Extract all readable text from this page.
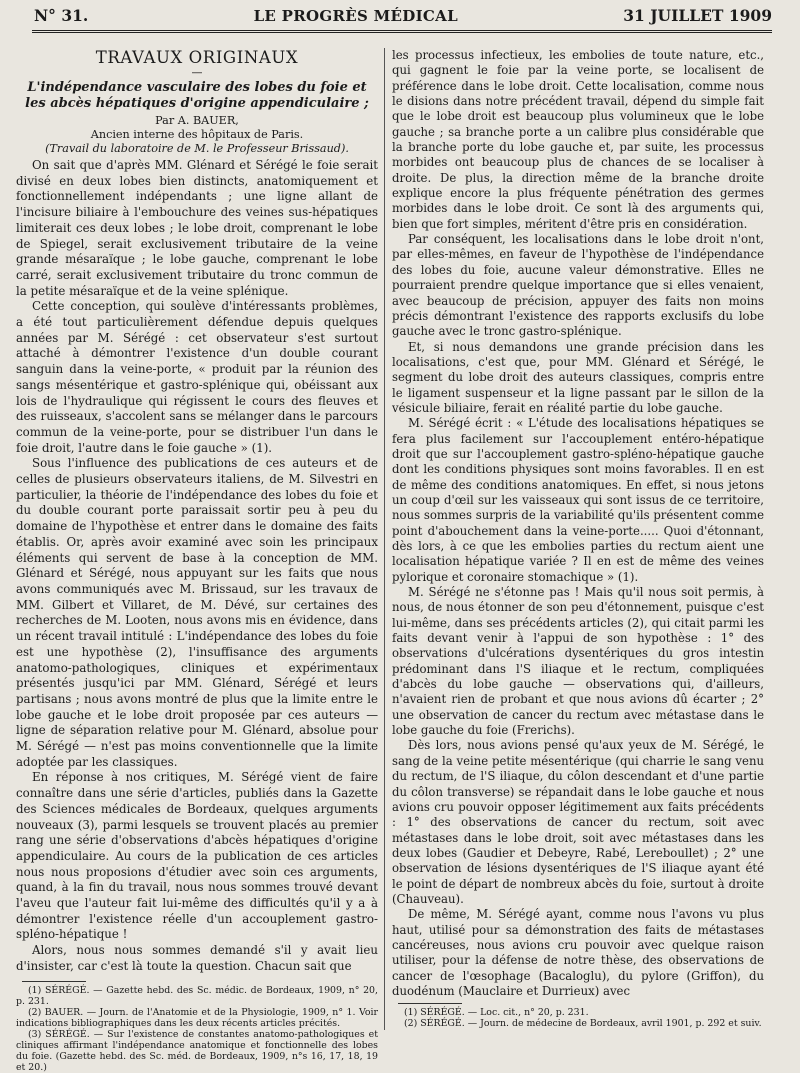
N° 31.	LE PROGRÈS MÉDICAL	31 JUILLET 1909
TRAVAUX ORIGINAUX

—

L'indépendance vasculaire des lobes du foie et les abcès hépatiques d'origine appendiculaire ;

Par A. BAUER,

Ancien interne des hôpitaux de Paris.

(Travail du laboratoire de M. le Professeur Brissaud).

On sait que d'après MM. Glénard et Sérégé le foie serait divisé en deux lobes bien distincts, anatomiquement et fonctionnellement indépendants ; une ligne allant de l'incisure biliaire à l'embouchure des veines sus-hépatiques limiterait ces deux lobes ; le lobe droit, comprenant le lobe de Spiegel, serait exclusivement tributaire de la veine grande mésaraïque ; le lobe gauche, comprenant le lobe carré, serait exclusivement tributaire du tronc commun de la petite mésaraïque et de la veine splénique.

Cette conception, qui soulève d'intéressants problèmes, a été tout particulièrement défendue depuis quelques années par M. Sérégé : cet observateur s'est surtout attaché à démontrer l'existence d'un double courant sanguin dans la veine-porte, « produit par la réunion des sangs mésentérique et gastro-splénique qui, obéissant aux lois de l'hydraulique qui régissent le cours des fleuves et des ruisseaux, s'accolent sans se mélanger dans le parcours commun de la veine-porte, pour se distribuer l'un dans le foie droit, l'autre dans le foie gauche » (1).

Sous l'influence des publications de ces auteurs et de celles de plusieurs observateurs italiens, de M. Silvestri en particulier, la théorie de l'indépendance des lobes du foie et du double courant porte paraissait sortir peu à peu du domaine de l'hypothèse et entrer dans le domaine des faits établis. Or, après avoir examiné avec soin les principaux éléments qui servent de base à la conception de MM. Glénard et Sérégé, nous appuyant sur les faits que nous avons communiqués avec M. Brissaud, sur les travaux de MM. Gilbert et Villaret, de M. Dévé, sur certaines des recherches de M. Looten, nous avons mis en évidence, dans un récent travail intitulé : L'indépendance des lobes du foie est une hypothèse (2), l'insuffisance des arguments anatomo-pathologiques, cliniques et expérimentaux présentés jusqu'ici par MM. Glénard, Sérégé et leurs partisans ; nous avons montré de plus que la limite entre le lobe gauche et le lobe droit proposée par ces auteurs — ligne de séparation relative pour M. Glénard, absolue pour M. Sérégé — n'est pas moins conventionnelle que la limite adoptée par les classiques.

En réponse à nos critiques, M. Sérégé vient de faire connaître dans une série d'articles, publiés dans la Gazette des Sciences médicales de Bordeaux, quelques arguments nouveaux (3), parmi lesquels se trouvent placés au premier rang une série d'observations d'abcès hépatiques d'origine appendiculaire. Au cours de la publication de ces articles nous nous proposions d'étudier avec soin ces arguments, quand, à la fin du travail, nous nous sommes trouvé devant l'aveu que l'auteur fait lui-même des difficultés qu'il y a à démontrer l'existence réelle d'un accouplement gastro-spléno-hépatique !

Alors, nous nous sommes demandé s'il y avait lieu d'insister, car c'est là toute la question. Chacun sait que

(1) SÉRÉGÉ. — Gazette hebd. des Sc. médic. de Bordeaux, 1909, n° 20, p. 231.

(2) BAUER. — Journ. de l'Anatomie et de la Physiologie, 1909, n° 1. Voir indications bibliographiques dans les deux récents articles précités.

(3) SÉRÉGÉ. — Sur l'existence de constantes anatomo-pathologiques et cliniques affirmant l'indépendance anatomique et fonctionnelle des lobes du foie. (Gazette hebd. des Sc. méd. de Bordeaux, 1909, n°s 16, 17, 18, 19 et 20.)

les processus infectieux, les embolies de toute nature, etc., qui gagnent le foie par la veine porte, se localisent de préférence dans le lobe droit. Cette localisation, comme nous le disions dans notre précédent travail, dépend du simple fait que le lobe droit est beaucoup plus volumineux que le lobe gauche ; sa branche porte a un calibre plus considérable que la branche porte du lobe gauche et, par suite, les processus morbides ont beaucoup plus de chances de se localiser à droite. De plus, la direction même de la branche droite explique encore la plus fréquente pénétration des germes morbides dans le lobe droit. Ce sont là des arguments qui, bien que fort simples, méritent d'être pris en considération.

Par conséquent, les localisations dans le lobe droit n'ont, par elles-mêmes, en faveur de l'hypothèse de l'indépendance des lobes du foie, aucune valeur démonstrative. Elles ne pourraient prendre quelque importance que si elles venaient, avec beaucoup de précision, appuyer des faits non moins précis démontrant l'existence des rapports exclusifs du lobe gauche avec le tronc gastro-splénique.

Et, si nous demandons une grande précision dans les localisations, c'est que, pour MM. Glénard et Sérégé, le segment du lobe droit des auteurs classiques, compris entre le ligament suspenseur et la ligne passant par le sillon de la vésicule biliaire, ferait en réalité partie du lobe gauche.

M. Sérégé écrit : « L'étude des localisations hépatiques se fera plus facilement sur l'accouplement entéro-hépatique droit que sur l'accouplement gastro-spléno-hépatique gauche dont les conditions physiques sont moins favorables. Il en est de même des conditions anatomiques. En effet, si nous jetons un coup d'œil sur les vaisseaux qui sont issus de ce territoire, nous sommes surpris de la variabilité qu'ils présentent comme point d'abouchement dans la veine-porte..... Quoi d'étonnant, dès lors, à ce que les embolies parties du rectum aient une localisation hépatique variée ? Il en est de même des veines pylorique et coronaire stomachique » (1).

M. Sérégé ne s'étonne pas ! Mais qu'il nous soit permis, à nous, de nous étonner de son peu d'étonnement, puisque c'est lui-même, dans ses précédents articles (2), qui citait parmi les faits devant venir à l'appui de son hypothèse : 1° des observations d'ulcérations dysentériques du gros intestin prédominant dans l'S iliaque et le rectum, compliquées d'abcès du lobe gauche — observations qui, d'ailleurs, n'avaient rien de probant et que nous avions dû écarter ; 2° une observation de cancer du rectum avec métastase dans le lobe gauche du foie (Frerichs).

Dès lors, nous avions pensé qu'aux yeux de M. Sérégé, le sang de la veine petite mésentérique (qui charrie le sang venu du rectum, de l'S iliaque, du côlon descendant et d'une partie du côlon transverse) se répandait dans le lobe gauche et nous avions cru pouvoir opposer légitimement aux faits précédents : 1° des observations de cancer du rectum, soit avec métastases dans le lobe droit, soit avec métastases dans les deux lobes (Gaudier et Debeyre, Rabé, Lereboullet) ; 2° une observation de lésions dysentériques de l'S iliaque ayant été le point de départ de nombreux abcès du foie, surtout à droite (Chauveau).

De même, M. Sérégé ayant, comme nous l'avons vu plus haut, utilisé pour sa démonstration des faits de métastases cancéreuses, nous avions cru pouvoir avec quelque raison utiliser, pour la défense de notre thèse, des observations de cancer de l'œsophage (Bacaloglu), du pylore (Griffon), du duodénum (Mauclaire et Durrieux) avec

(1) SÉRÉGÉ. — Loc. cit., n° 20, p. 231.

(2) SÉRÉGÉ. — Journ. de médecine de Bordeaux, avril 1901, p. 292 et suiv.
